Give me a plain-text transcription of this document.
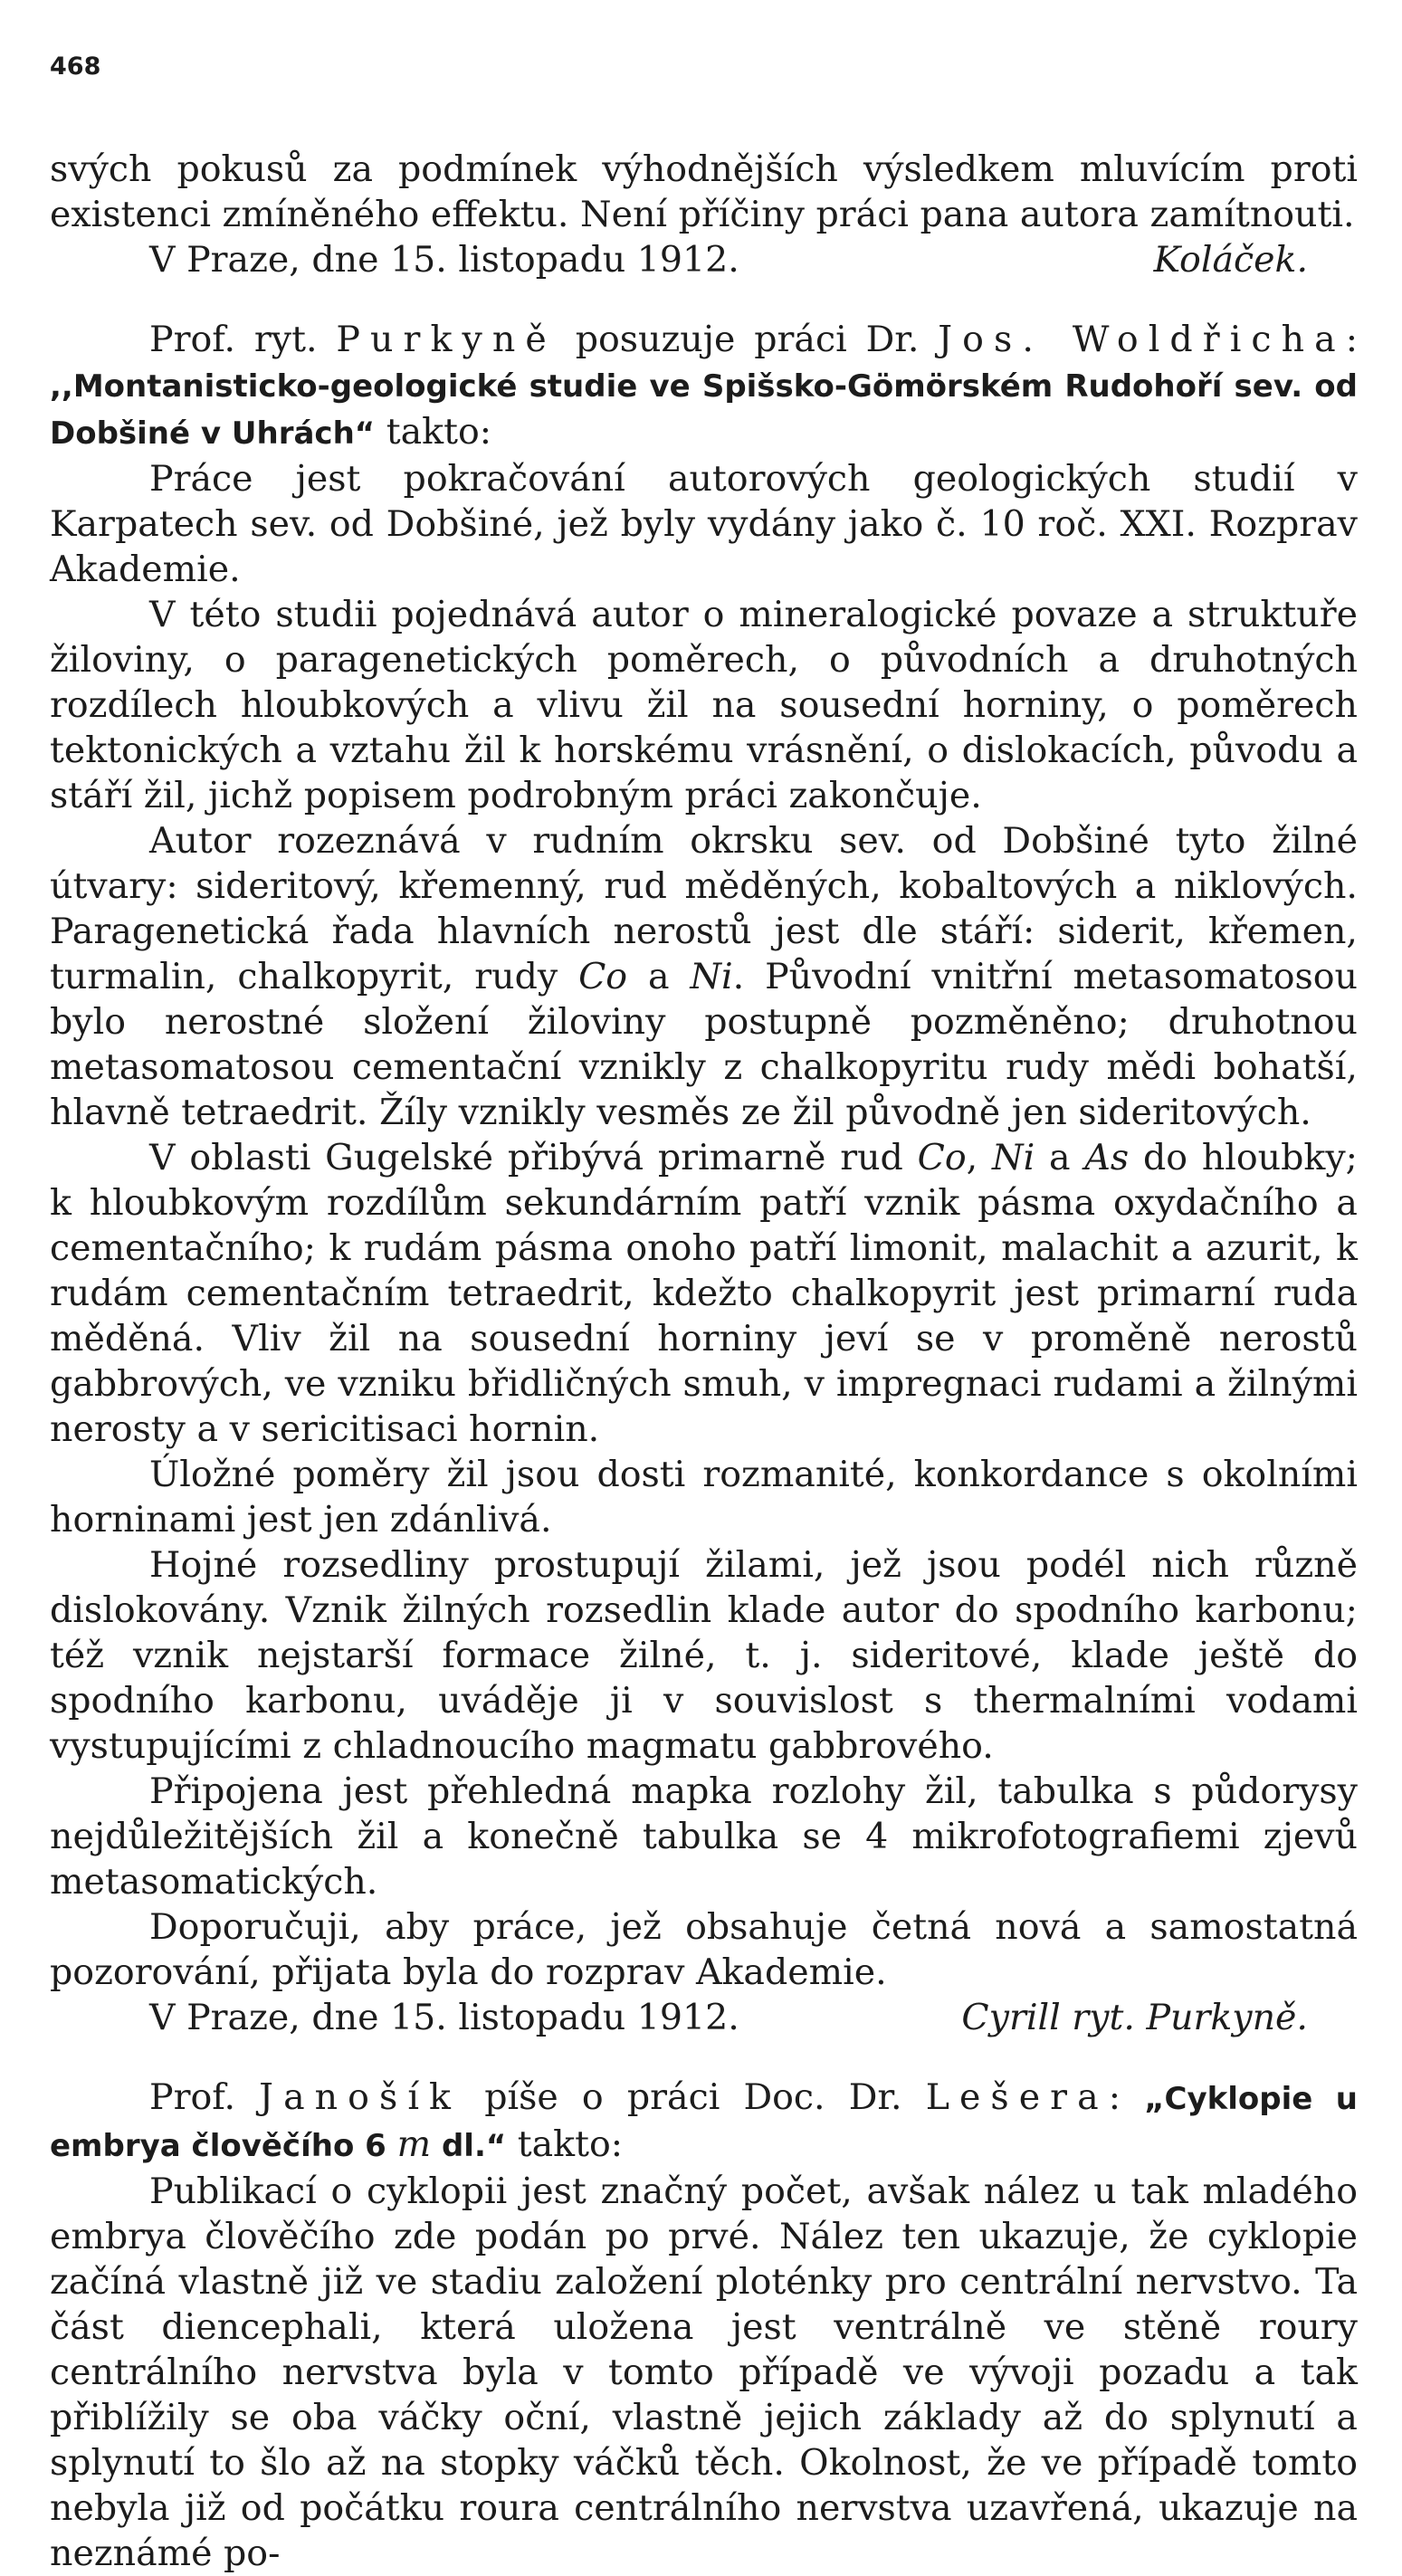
468

svých pokusů za podmínek výhodnějších výsledkem mluvícím proti existenci zmíněného effektu. Není příčiny práci pana autora zamítnouti.

V Praze, dne 15. listopadu 1912.	Koláček.

Prof. ryt. Purkyně posuzuje práci Dr. Jos. Woldřicha: ,,Montanisticko-geologické studie ve Spišsko-Gömörském Rudohoří sev. od Dobšiné v Uhrách“ takto:

Práce jest pokračování autorových geologických studií v Karpatech sev. od Dobšiné, jež byly vydány jako č. 10 roč. XXI. Rozprav Akademie.

V této studii pojednává autor o mineralogické povaze a struktuře žiloviny, o paragenetických poměrech, o původních a druhotných rozdílech hloubkových a vlivu žil na sousední horniny, o poměrech tektonických a vztahu žil k horskému vrásnění, o dislokacích, původu a stáří žil, jichž popisem podrobným práci zakončuje.

Autor rozeznává v rudním okrsku sev. od Dobšiné tyto žilné útvary: sideritový, křemenný, rud měděných, kobaltových a niklových. Paragenetická řada hlavních nerostů jest dle stáří: siderit, křemen, turmalin, chalkopyrit, rudy Co a Ni. Původní vnitřní metasomatosou bylo nerostné složení žiloviny postupně pozměněno; druhotnou metasomatosou cementační vznikly z chalkopyritu rudy mědi bohatší, hlavně tetraedrit. Žíly vznikly vesměs ze žil původně jen sideritových.

V oblasti Gugelské přibývá primarně rud Co, Ni a As do hloubky; k hloubkovým rozdílům sekundárním patří vznik pásma oxydačního a cementačního; k rudám pásma onoho patří limonit, malachit a azurit, k rudám cementačním tetraedrit, kdežto chalkopyrit jest primarní ruda měděná. Vliv žil na sousední horniny jeví se v proměně nerostů gabbrových, ve vzniku břidličných smuh, v impregnaci rudami a žilnými nerosty a v sericitisaci hornin.

Úložné poměry žil jsou dosti rozmanité, konkordance s okolními horninami jest jen zdánlivá.

Hojné rozsedliny prostupují žilami, jež jsou podél nich různě dislokovány. Vznik žilných rozsedlin klade autor do spodního karbonu; též vznik nejstarší formace žilné, t. j. sideritové, klade ještě do spodního karbonu, uváděje ji v souvislost s thermalními vodami vystupujícími z chladnoucího magmatu gabbrového.

Připojena jest přehledná mapka rozlohy žil, tabulka s půdorysy nejdůležitějších žil a konečně tabulka se 4 mikrofotografiemi zjevů metasomatických.

Doporučuji, aby práce, jež obsahuje četná nová a samostatná pozorování, přijata byla do rozprav Akademie.

V Praze, dne 15. listopadu 1912.	Cyrill ryt. Purkyně.

Prof. Janošík píše o práci Doc. Dr. Lešera: „Cyklopie u embrya člověčího 6 m dl.“ takto:

Publikací o cyklopii jest značný počet, avšak nález u tak mladého embrya člověčího zde podán po prvé. Nález ten ukazuje, že cyklopie začíná vlastně již ve stadiu založení ploténky pro centrální nervstvo. Ta část diencephali, která uložena jest ventrálně ve stěně roury centrálního nervstva byla v tomto případě ve vývoji pozadu a tak přiblížily se oba váčky oční, vlastně jejich základy až do splynutí a splynutí to šlo až na stopky váčků těch. Okolnost, že ve případě tomto nebyla již od počátku roura centrálního nervstva uzavřená, ukazuje na neznámé po-
